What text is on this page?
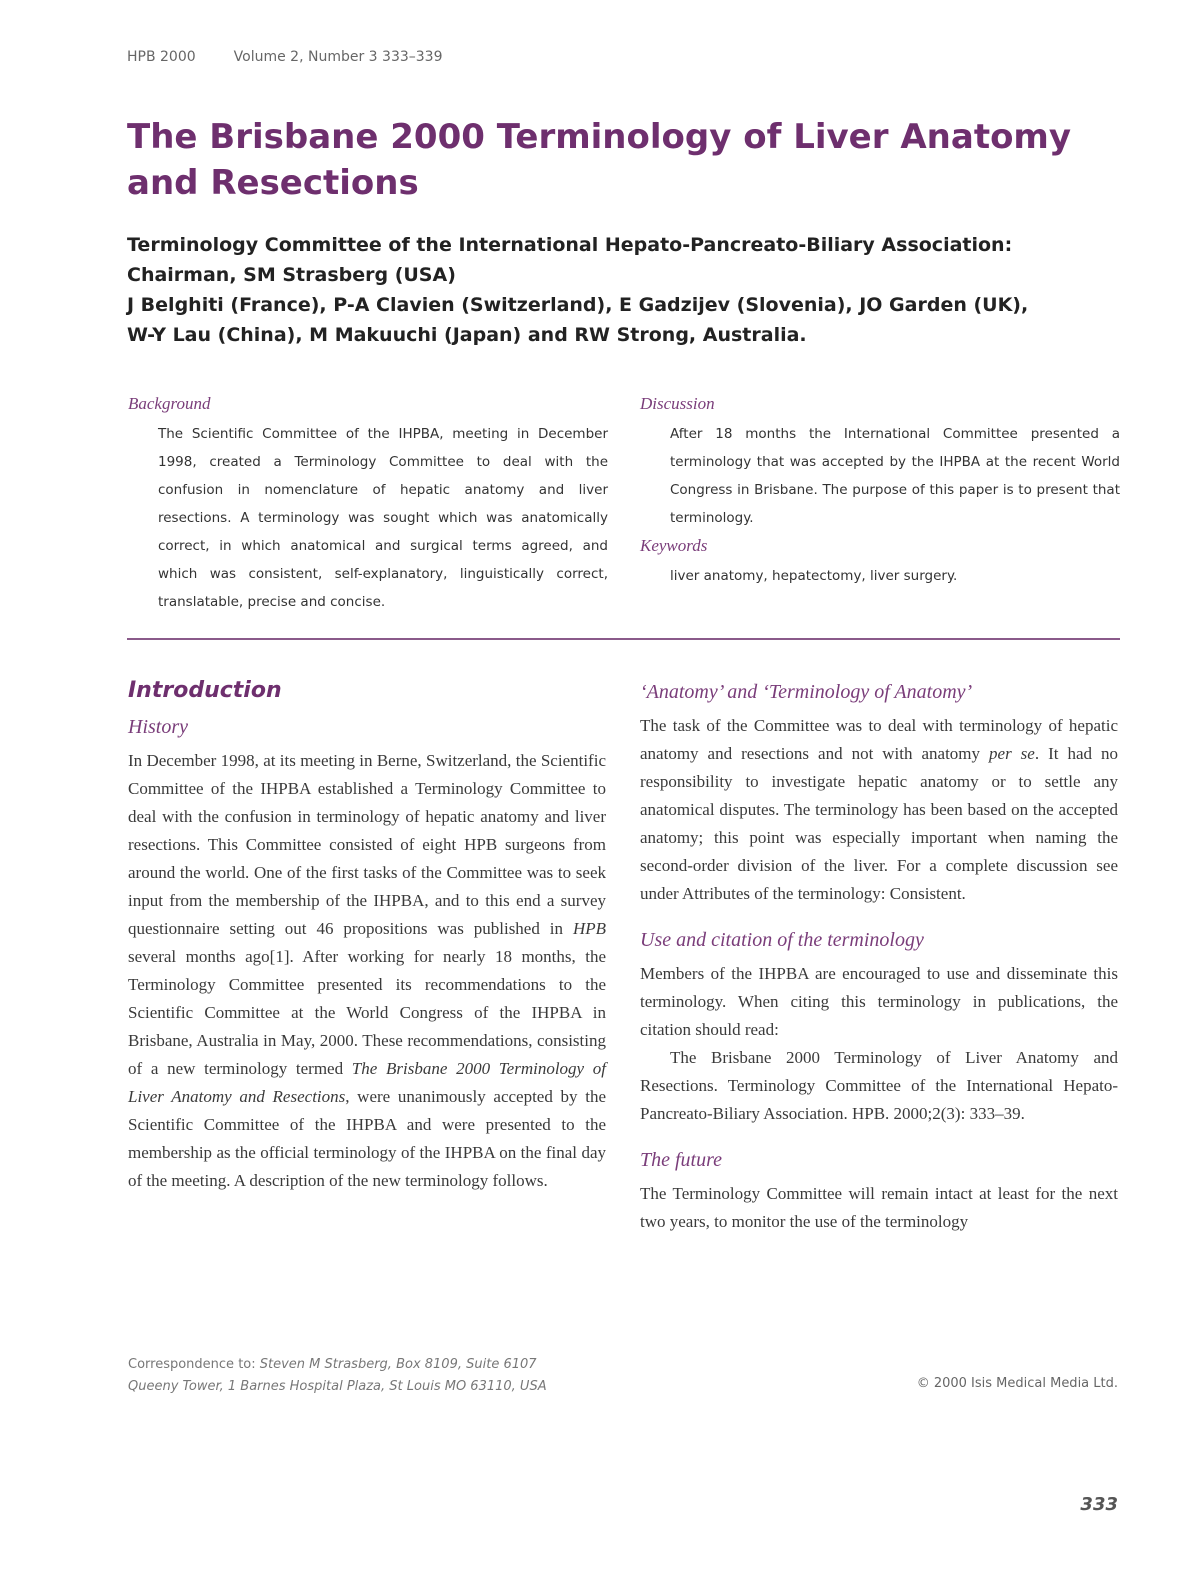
HPB 2000	Volume 2, Number 3 333–339
The Brisbane 2000 Terminology of Liver Anatomy
and Resections
Terminology Committee of the International Hepato-Pancreato-Biliary Association:
Chairman, SM Strasberg (USA)
J Belghiti (France), P-A Clavien (Switzerland), E Gadzijev (Slovenia), JO Garden (UK),
W-Y Lau (China), M Makuuchi (Japan) and RW Strong, Australia.
Background

The Scientific Committee of the IHPBA, meeting in December 1998, created a Terminology Committee to deal with the confusion in nomenclature of hepatic anatomy and liver resections. A terminology was sought which was anatomically correct, in which anatomical and surgical terms agreed, and which was consistent, self-explanatory, linguistically correct, translatable, precise and concise.

Discussion

After 18 months the International Committee presented a terminology that was accepted by the IHPBA at the recent World Congress in Brisbane. The purpose of this paper is to present that terminology.

Keywords

liver anatomy, hepatectomy, liver surgery.

Introduction
History

In December 1998, at its meeting in Berne, Switzerland, the Scientific Committee of the IHPBA established a Terminology Committee to deal with the confusion in terminology of hepatic anatomy and liver resections. This Committee consisted of eight HPB surgeons from around the world. One of the first tasks of the Committee was to seek input from the membership of the IHPBA, and to this end a survey questionnaire setting out 46 propositions was published in HPB several months ago[1]. After working for nearly 18 months, the Terminology Committee presented its recommendations to the Scientific Committee at the World Congress of the IHPBA in Brisbane, Australia in May, 2000. These recommendations, consisting of a new terminology termed The Brisbane 2000 Terminology of Liver Anatomy and Resections, were unanimously accepted by the Scientific Committee of the IHPBA and were presented to the membership as the official terminology of the IHPBA on the final day of the meeting. A description of the new terminology follows.

‘Anatomy’ and ‘Terminology of Anatomy’

The task of the Committee was to deal with terminology of hepatic anatomy and resections and not with anatomy per se. It had no responsibility to investigate hepatic anatomy or to settle any anatomical disputes. The terminology has been based on the accepted anatomy; this point was especially important when naming the second-order division of the liver. For a complete discussion see under Attributes of the terminology: Consistent.

Use and citation of the terminology

Members of the IHPBA are encouraged to use and disseminate this terminology. When citing this terminology in publications, the citation should read:

The Brisbane 2000 Terminology of Liver Anatomy and Resections. Terminology Committee of the International Hepato-Pancreato-Biliary Association. HPB. 2000;2(3): 333–39.

The future

The Terminology Committee will remain intact at least for the next two years, to monitor the use of the terminology

Correspondence to: Steven M Strasberg, Box 8109, Suite 6107
Queeny Tower, 1 Barnes Hospital Plaza, St Louis MO 63110, USA	© 2000 Isis Medical Media Ltd.
333
